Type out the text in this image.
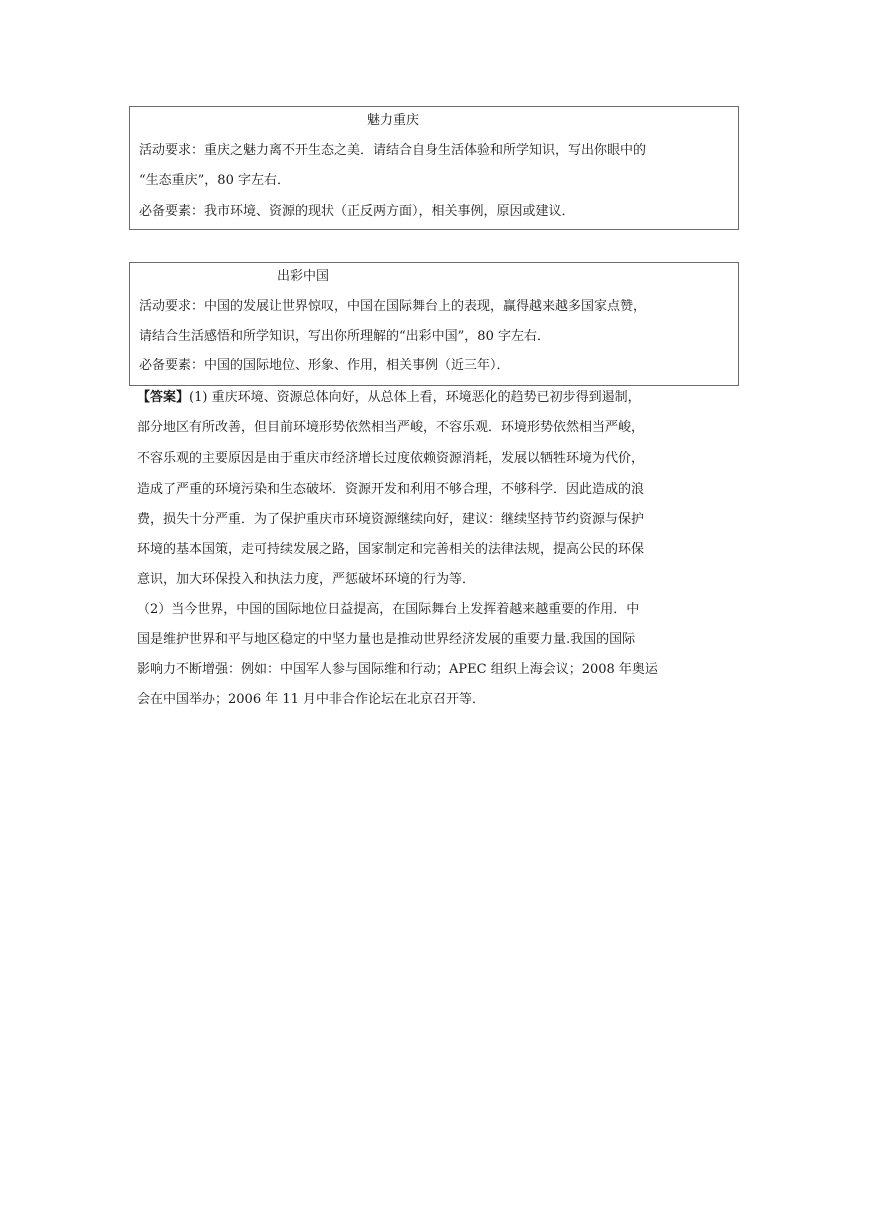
魅力重庆
活动要求：重庆之魅力离不开生态之美．请结合自身生活体验和所学知识，写出你眼中的
“生态重庆”，80 字左右．
必备要素：我市环境、资源的现状（正反两方面），相关事例，原因或建议．
出彩中国
活动要求：中国的发展让世界惊叹，中国在国际舞台上的表现，赢得越来越多国家点赞，
请结合生活感悟和所学知识，写出你所理解的“出彩中国”，80 字左右．
必备要素：中国的国际地位、形象、作用，相关事例（近三年）．
【答案】(1) 重庆环境、资源总体向好，从总体上看，环境恶化的趋势已初步得到遏制，
部分地区有所改善，但目前环境形势依然相当严峻，不容乐观．环境形势依然相当严峻，
不容乐观的主要原因是由于重庆市经济增长过度依赖资源消耗，发展以牺牲环境为代价，
造成了严重的环境污染和生态破坏．资源开发和利用不够合理，不够科学．因此造成的浪
费，损失十分严重．为了保护重庆市环境资源继续向好，建议：继续坚持节约资源与保护
环境的基本国策，走可持续发展之路，国家制定和完善相关的法律法规，提高公民的环保
意识，加大环保投入和执法力度，严惩破坏环境的行为等．
（2）当今世界，中国的国际地位日益提高，在国际舞台上发挥着越来越重要的作用．中
国是维护世界和平与地区稳定的中坚力量也是推动世界经济发展的重要力量.我国的国际
影响力不断增强：例如：中国军人参与国际维和行动；APEC 组织上海会议；2008 年奥运
会在中国举办；2006 年 11 月中非合作论坛在北京召开等．
